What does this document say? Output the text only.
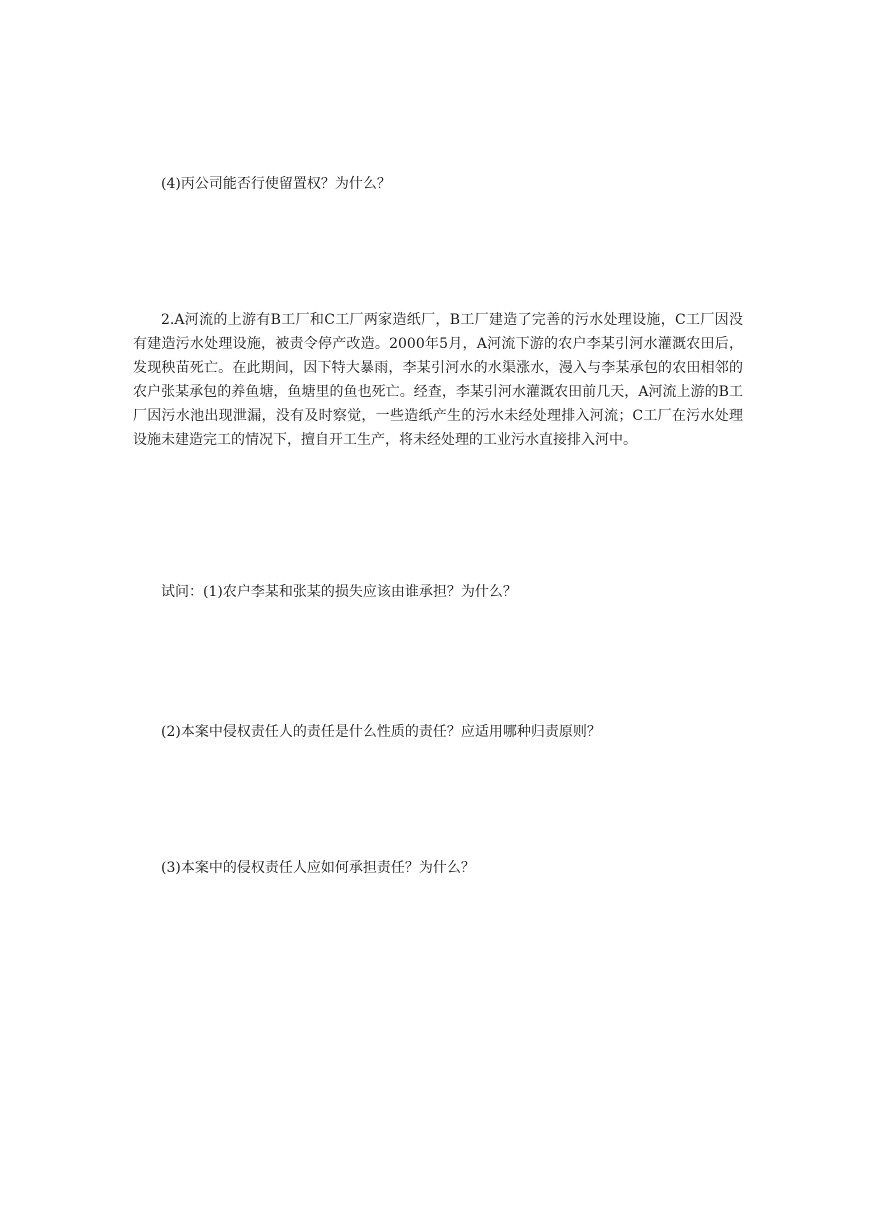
(4)丙公司能否行使留置权？为什么？

2.A河流的上游有B工厂和C工厂两家造纸厂，B工厂建造了完善的污水处理设施，C工厂因没有建造污水处理设施，被责令停产改造。2000年5月，A河流下游的农户李某引河水灌溉农田后，发现秧苗死亡。在此期间，因下特大暴雨，李某引河水的水渠涨水，漫入与李某承包的农田相邻的农户张某承包的养鱼塘，鱼塘里的鱼也死亡。经查，李某引河水灌溉农田前几天，A河流上游的B工厂因污水池出现泄漏，没有及时察觉，一些造纸产生的污水未经处理排入河流；C工厂在污水处理设施未建造完工的情况下，擅自开工生产，将未经处理的工业污水直接排入河中。

试问：(1)农户李某和张某的损失应该由谁承担？为什么？
(2)本案中侵权责任人的责任是什么性质的责任？应适用哪种归责原则？
(3)本案中的侵权责任人应如何承担责任？为什么？
